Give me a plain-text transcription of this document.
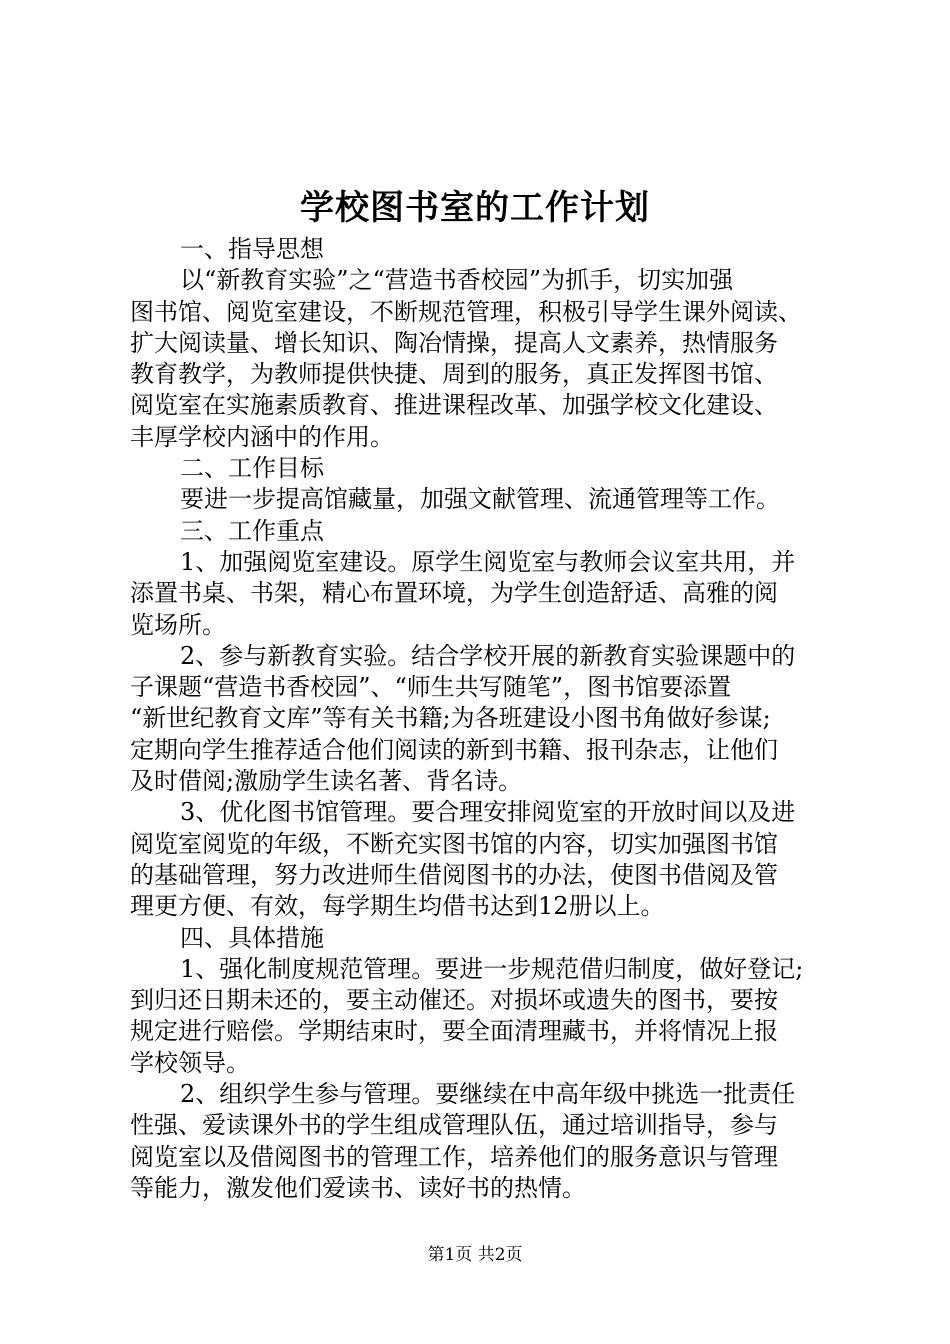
学校图书室的工作计划
一、指导思想
以“新教育实验”之“营造书香校园”为抓手，切实加强
图书馆、阅览室建设，不断规范管理，积极引导学生课外阅读、
扩大阅读量、增长知识、陶冶情操，提高人文素养，热情服务
教育教学，为教师提供快捷、周到的服务，真正发挥图书馆、
阅览室在实施素质教育、推进课程改革、加强学校文化建设、
丰厚学校内涵中的作用。
二、工作目标
要进一步提高馆藏量，加强文献管理、流通管理等工作。
三、工作重点
1、加强阅览室建设。原学生阅览室与教师会议室共用，并
添置书桌、书架，精心布置环境，为学生创造舒适、高雅的阅
览场所。
2、参与新教育实验。结合学校开展的新教育实验课题中的
子课题“营造书香校园”、“师生共写随笔”，图书馆要添置
“新世纪教育文库”等有关书籍;为各班建设小图书角做好参谋;
定期向学生推荐适合他们阅读的新到书籍、报刊杂志，让他们
及时借阅;激励学生读名著、背名诗。
3、优化图书馆管理。要合理安排阅览室的开放时间以及进
阅览室阅览的年级，不断充实图书馆的内容，切实加强图书馆
的基础管理，努力改进师生借阅图书的办法，使图书借阅及管
理更方便、有效，每学期生均借书达到12册以上。
四、具体措施
1、强化制度规范管理。要进一步规范借归制度，做好登记;
到归还日期未还的，要主动催还。对损坏或遗失的图书，要按
规定进行赔偿。学期结束时，要全面清理藏书，并将情况上报
学校领导。
2、组织学生参与管理。要继续在中高年级中挑选一批责任
性强、爱读课外书的学生组成管理队伍，通过培训指导，参与
阅览室以及借阅图书的管理工作，培养他们的服务意识与管理
等能力，激发他们爱读书、读好书的热情。
第1页 共2页
